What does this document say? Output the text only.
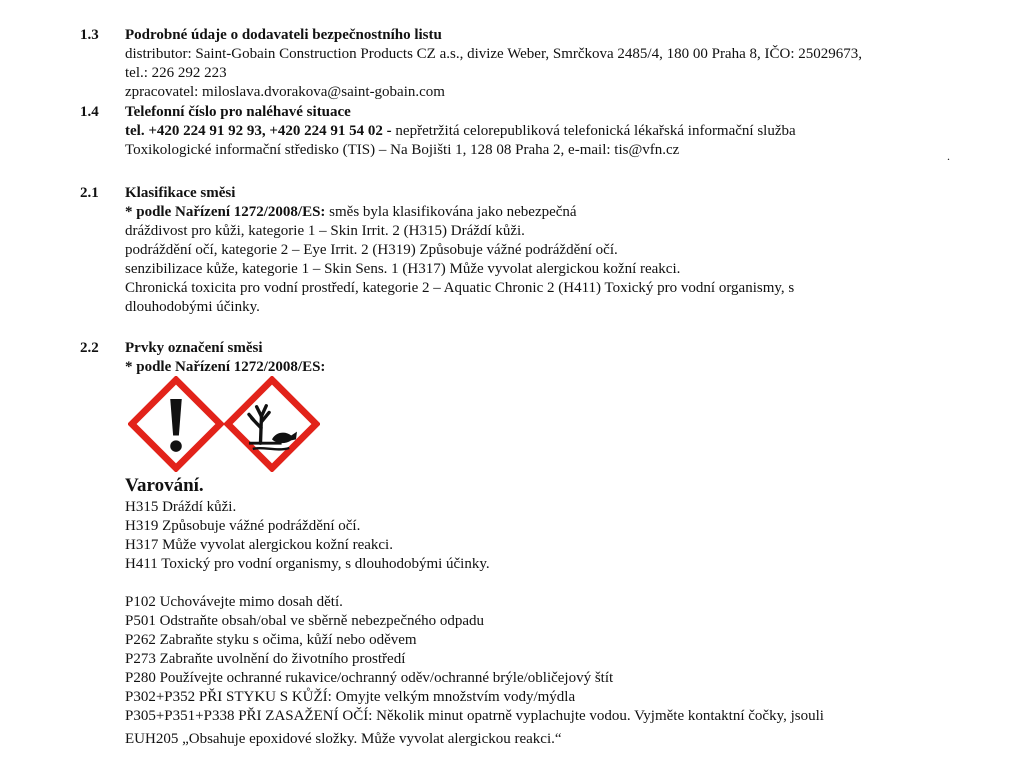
1.3 Podrobné údaje o dodavateli bezpečnostního listu
distributor: Saint-Gobain Construction Products CZ a.s., divize Weber, Smrčkova 2485/4, 180 00 Praha 8, IČO: 25029673,
tel.: 226 292 223
zpracovatel: miloslava.dvorakova@saint-gobain.com
1.4 Telefonní číslo pro naléhavé situace
tel. +420 224 91 92 93, +420 224 91 54 02 - nepřetržitá celorepubliková telefonická lékařská informační služba
Toxikologické informační středisko (TIS) – Na Bojišti 1, 128 08 Praha 2, e-mail: tis@vfn.cz	.
2.1 Klasifikace směsi
* podle Nařízení 1272/2008/ES: směs byla klasifikována jako nebezpečná
dráždivost pro kůži, kategorie 1 – Skin Irrit. 2 (H315) Dráždí kůži.
podráždění očí, kategorie 2 – Eye Irrit. 2 (H319) Způsobuje vážné podráždění očí.
senzibilizace kůže, kategorie 1 – Skin Sens. 1 (H317) Může vyvolat alergickou kožní reakci.
Chronická toxicita pro vodní prostředí, kategorie 2 – Aquatic Chronic 2 (H411) Toxický pro vodní organismy, s
dlouhodobými účinky.
2.2 Prvky označení směsi
* podle Nařízení 1272/2008/ES:
Varování.
H315 Dráždí kůži.
H319 Způsobuje vážné podráždění očí.
H317 Může vyvolat alergickou kožní reakci.
H411 Toxický pro vodní organismy, s dlouhodobými účinky.
P102 Uchovávejte mimo dosah dětí.
P501 Odstraňte obsah/obal ve sběrně nebezpečného odpadu
P262 Zabraňte styku s očima, kůží nebo oděvem
P273 Zabraňte uvolnění do životního prostředí
P280 Používejte ochranné rukavice/ochranný oděv/ochranné brýle/obličejový štít
P302+P352 PŘI STYKU S KŮŽÍ: Omyjte velkým množstvím vody/mýdla
P305+P351+P338 PŘI ZASAŽENÍ OČÍ: Několik minut opatrně vyplachujte vodou. Vyjměte kontaktní čočky, jsouli
EUH205 „Obsahuje epoxidové složky. Může vyvolat alergickou reakci.“
